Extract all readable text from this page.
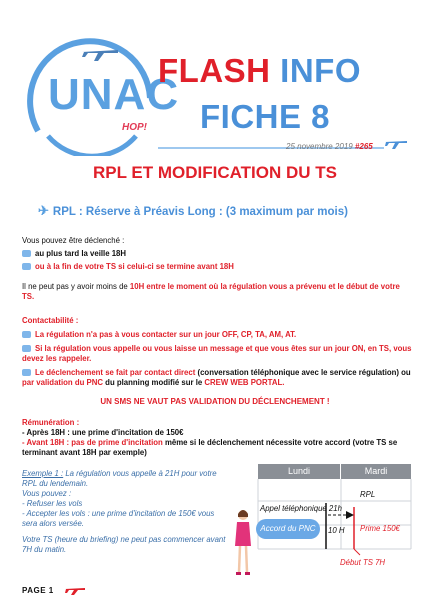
UNAC
HOP!
FLASH INFO
FICHE 8
25 novembre 2019 #265
RPL ET MODIFICATION DU TS
✈ RPL : Réserve à Préavis Long : (3 maximum par mois)
Vous pouvez être déclenché :
au plus tard la veille 18H
ou à la fin de votre TS si celui-ci se termine avant 18H
Il ne peut pas y avoir moins de 10H entre le moment où la régulation vous a prévenu et le début de votre TS.
Contactabilité :
La régulation n'a pas à vous contacter sur un jour OFF, CP, TA, AM, AT.
Si la régulation vous appelle ou vous laisse un message et que vous êtes sur un jour ON, en TS, vous devez les rappeler.
Le déclenchement se fait par contact direct (conversation téléphonique avec le service régulation) ou par validation du PNC du planning modifié sur le CREW WEB PORTAL.
UN SMS NE VAUT PAS VALIDATION DU DÉCLENCHEMENT !
Rémunération :
- Après 18H : une prime d'incitation de 150€
- Avant 18H : pas de prime d'incitation même si le déclenchement nécessite votre accord (votre TS se terminant avant 18H par exemple)
Exemple 1 : La régulation vous appelle à 21H pour votre RPL du lendemain.
Vous pouvez :
- Refuser les vols
- Accepter les vols : une prime d'incitation de 150€ vous sera alors versée.
Votre TS (heure du briefing) ne peut pas commencer avant 7H du matin.
Lundi	Mardi
RPL
Appel téléphonique 21h
Accord du PNC	10 H Prime 150€
Début TS 7H
PAGE 1
